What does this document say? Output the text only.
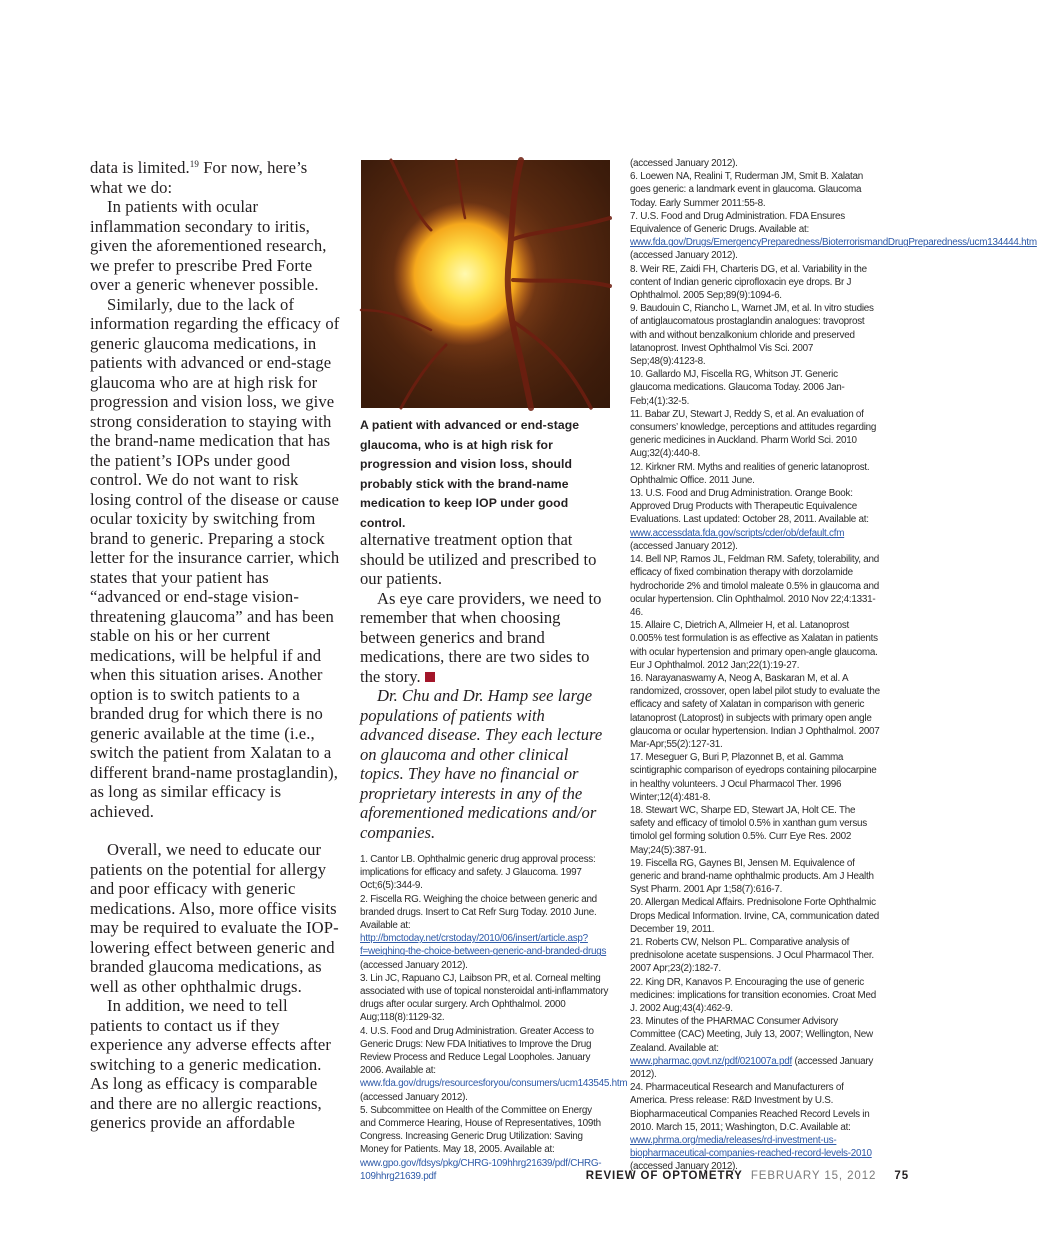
data is limited.$^{19}$ For now, here’s what we do:

In patients with ocular inflammation secondary to iritis, given the aforementioned research, we prefer to prescribe Pred Forte over a generic whenever possible.

Similarly, due to the lack of information regarding the efficacy of generic glaucoma medications, in patients with advanced or end-stage glaucoma who are at high risk for progression and vision loss, we give strong consideration to staying with the brand-name medication that has the patient’s IOPs under good control. We do not want to risk losing control of the disease or cause ocular toxicity by switching from brand to generic. Preparing a stock letter for the insurance carrier, which states that your patient has “advanced or end-stage vision-threatening glaucoma” and has been stable on his or her current medications, will be helpful if and when this situation arises. Another option is to switch patients to a branded drug for which there is no generic available at the time (i.e., switch the patient from Xalatan to a different brand-name prostaglandin), as long as similar efficacy is achieved.

Overall, we need to educate our patients on the potential for allergy and poor efficacy with generic medications. Also, more office visits may be required to evaluate the IOP-lowering effect between generic and branded glaucoma medications, as well as other ophthalmic drugs.

In addition, we need to tell patients to contact us if they experience any adverse effects after switching to a generic medication. As long as efficacy is comparable and there are no allergic reactions, generics provide an affordable

A patient with advanced or end-stage glaucoma, who is at high risk for progression and vision loss, should probably stick with the brand-name medication to keep IOP under good control.

alternative treatment option that should be utilized and prescribed to our patients.

As eye care providers, we need to remember that when choosing between generics and brand medications, there are two sides to the story.

Dr. Chu and Dr. Hamp see large populations of patients with advanced disease. They each lecture on glaucoma and other clinical topics. They have no financial or proprietary interests in any of the aforementioned medications and/or companies.

1. Cantor LB. Ophthalmic generic drug approval process: implications for efficacy and safety. J Glaucoma. 1997 Oct;6(5):344-9.

2. Fiscella RG. Weighing the choice between generic and branded drugs. Insert to Cat Refr Surg Today. 2010 June. Available at: http://bmctoday.net/crstoday/2010/06/insert/article.asp?f=weighing-the-choice-between-generic-and-branded-drugs (accessed January 2012).

3. Lin JC, Rapuano CJ, Laibson PR, et al. Corneal melting associated with use of topical nonsteroidal anti-inflammatory drugs after ocular surgery. Arch Ophthalmol. 2000 Aug;118(8):1129-32.

4. U.S. Food and Drug Administration. Greater Access to Generic Drugs: New FDA Initiatives to Improve the Drug Review Process and Reduce Legal Loopholes. January 2006. Available at: www.fda.gov/drugs/resourcesforyou/consumers/ucm143545.htm (accessed January 2012).

5. Subcommittee on Health of the Committee on Energy and Commerce Hearing, House of Representatives, 109th Congress. Increasing Generic Drug Utilization: Saving Money for Patients. May 18, 2005. Available at: www.gpo.gov/fdsys/pkg/CHRG-109hhrg21639/pdf/CHRG-109hhrg21639.pdf

(accessed January 2012).

6. Loewen NA, Realini T, Ruderman JM, Smit B. Xalatan goes generic: a landmark event in glaucoma. Glaucoma Today. Early Summer 2011:55-8.

7. U.S. Food and Drug Administration. FDA Ensures Equivalence of Generic Drugs. Available at: www.fda.gov/Drugs/EmergencyPreparedness/BioterrorismandDrugPreparedness/ucm134444.htm (accessed January 2012).

8. Weir RE, Zaidi FH, Charteris DG, et al. Variability in the content of Indian generic ciprofloxacin eye drops. Br J Ophthalmol. 2005 Sep;89(9):1094-6.

9. Baudouin C, Riancho L, Warnet JM, et al. In vitro studies of antiglaucomatous prostaglandin analogues: travoprost with and without benzalkonium chloride and preserved latanoprost. Invest Ophthalmol Vis Sci. 2007 Sep;48(9):4123-8.

10. Gallardo MJ, Fiscella RG, Whitson JT. Generic glaucoma medications. Glaucoma Today. 2006 Jan-Feb;4(1):32-5.

11. Babar ZU, Stewart J, Reddy S, et al. An evaluation of consumers’ knowledge, perceptions and attitudes regarding generic medicines in Auckland. Pharm World Sci. 2010 Aug;32(4):440-8.

12. Kirkner RM. Myths and realities of generic latanoprost. Ophthalmic Office. 2011 June.

13. U.S. Food and Drug Administration. Orange Book: Approved Drug Products with Therapeutic Equivalence Evaluations. Last updated: October 28, 2011. Available at: www.accessdata.fda.gov/scripts/cder/ob/default.cfm (accessed January 2012).

14. Bell NP, Ramos JL, Feldman RM. Safety, tolerability, and efficacy of fixed combination therapy with dorzolamide hydrochoride 2% and timolol maleate 0.5% in glaucoma and ocular hypertension. Clin Ophthalmol. 2010 Nov 22;4:1331-46.

15. Allaire C, Dietrich A, Allmeier H, et al. Latanoprost 0.005% test formulation is as effective as Xalatan in patients with ocular hypertension and primary open-angle glaucoma. Eur J Ophthalmol. 2012 Jan;22(1):19-27.

16. Narayanaswamy A, Neog A, Baskaran M, et al. A randomized, crossover, open label pilot study to evaluate the efficacy and safety of Xalatan in comparison with generic latanoprost (Latoprost) in subjects with primary open angle glaucoma or ocular hypertension. Indian J Ophthalmol. 2007 Mar-Apr;55(2):127-31.

17. Meseguer G, Buri P, Plazonnet B, et al. Gamma scintigraphic comparison of eyedrops containing pilocarpine in healthy volunteers. J Ocul Pharmacol Ther. 1996 Winter;12(4):481-8.

18. Stewart WC, Sharpe ED, Stewart JA, Holt CE. The safety and efficacy of timolol 0.5% in xanthan gum versus timolol gel forming solution 0.5%. Curr Eye Res. 2002 May;24(5):387-91.

19. Fiscella RG, Gaynes BI, Jensen M. Equivalence of generic and brand-name ophthalmic products. Am J Health Syst Pharm. 2001 Apr 1;58(7):616-7.

20. Allergan Medical Affairs. Prednisolone Forte Ophthalmic Drops Medical Information. Irvine, CA, communication dated December 19, 2011.

21. Roberts CW, Nelson PL. Comparative analysis of prednisolone acetate suspensions. J Ocul Pharmacol Ther. 2007 Apr;23(2):182-7.

22. King DR, Kanavos P. Encouraging the use of generic medicines: implications for transition economies. Croat Med J. 2002 Aug;43(4):462-9.

23. Minutes of the PHARMAC Consumer Advisory Committee (CAC) Meeting, July 13, 2007; Wellington, New Zealand. Available at: www.pharmac.govt.nz/pdf/021007a.pdf (accessed January 2012).

24. Pharmaceutical Research and Manufacturers of America. Press release: R&D Investment by U.S. Biopharmaceutical Companies Reached Record Levels in 2010. March 15, 2011; Washington, D.C. Available at: www.phrma.org/media/releases/rd-investment-us-biopharmaceutical-companies-reached-record-levels-2010 (accessed January 2012).

REVIEW OF OPTOMETRY FEBRUARY 15, 2012 75
